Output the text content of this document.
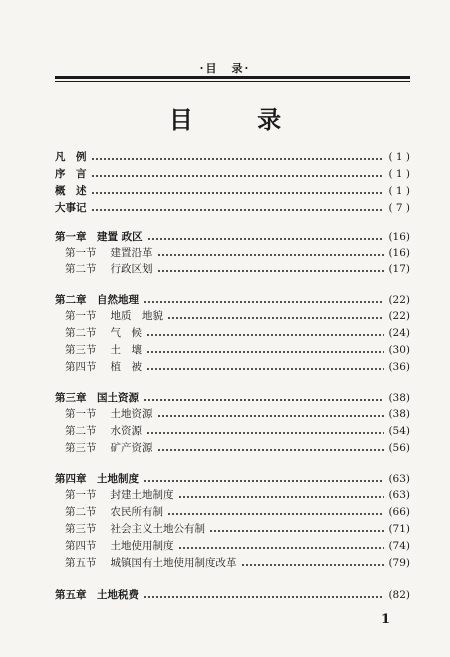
·目　录·
目 录
凡　例	( 1 )
序　言	( 1 )
概　述	( 1 )
大事记	( 7 )
第一章　建置 政区	(16)
第一节 建置沿革	(16)
第二节 行政区划	(17)
第二章　自然地理	(22)
第一节 地质　地貌	(22)
第二节 气　候	(24)
第三节 土　壤	(30)
第四节 植　被	(36)
第三章　国土资源	(38)
第一节 土地资源	(38)
第二节 水资源	(54)
第三节 矿产资源	(56)
第四章　土地制度	(63)
第一节 封建土地制度	(63)
第二节 农民所有制	(66)
第三节 社会主义土地公有制	(71)
第四节 土地使用制度	(74)
第五节 城镇国有土地使用制度改革	(79)
第五章　土地税费	(82)
1
